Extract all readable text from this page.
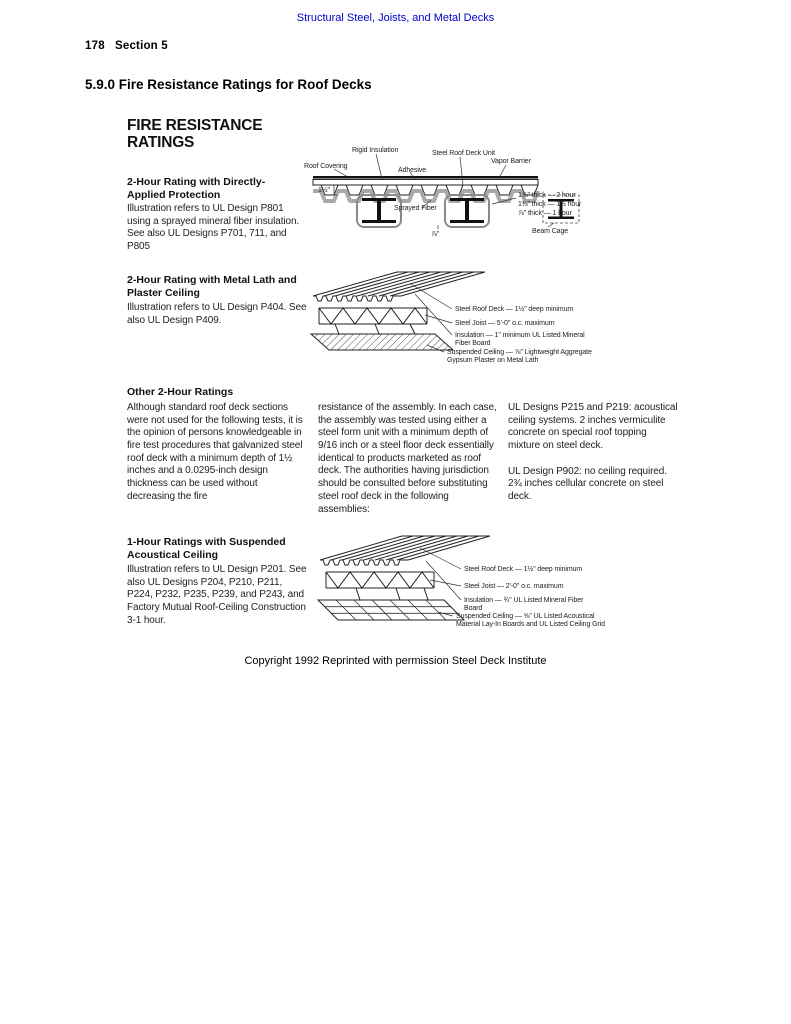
Structural Steel, Joists, and Metal Decks
178   Section 5
5.9.0 Fire Resistance Ratings for Roof Decks
FIRE RESISTANCE
RATINGS
2-Hour Rating with Directly-Applied Protection
Illustration refers to UL Design P801 using a sprayed mineral fiber insulation. See also UL Designs P701, 711, and P805
Roof Covering
Rigid Insulation
Adhesive
Steel Roof Deck Unit
Vapor Barrier
Sprayed Fiber
1½"
⅞"
1⅞" thick — 2 hour
1⅜" thick — 1½ hour
⅞" thick — 1 hour
Beam Cage
2-Hour Rating with Metal Lath and Plaster Ceiling
Illustration refers to UL Design P404. See also UL Design P409.
Steel Roof Deck — 1½" deep minimum
Steel Joist — 5'-0" o.c. maximum
Insulation — 1" minimum UL Listed Mineral Fiber Board
Suspended Ceiling — ⅞" Lightweight Aggregate Gypsum Plaster on Metal Lath
Other 2-Hour Ratings
Although standard roof deck sections were not used for the following tests, it is the opinion of persons knowledgeable in fire test procedures that galvanized steel roof deck with a minimum depth of 1½ inches and a 0.0295-inch design thickness can be used without decreasing the fire
resistance of the assembly. In each case, the assembly was tested using either a steel form unit with a minimum depth of 9/16 inch or a steel floor deck essentially identical to products marketed as roof deck. The authorities having jurisdiction should be consulted before substituting steel roof deck in the following assemblies:
UL Designs P215 and P219: acoustical ceiling systems. 2 inches vermiculite concrete on special roof topping mixture on steel deck.
UL Design P902: no ceiling required. 2¾ inches cellular concrete on steel deck.
1-Hour Ratings with Suspended Acoustical Ceiling
Illustration refers to UL Design P201. See also UL Designs P204, P210, P211, P224, P232, P235, P239, and P243, and Factory Mutual Roof-Ceiling Construction 3-1 hour.
Steel Roof Deck — 1½" deep minimum
Steel Joist — 2'-0" o.c. maximum
Insulation — ¾" UL Listed Mineral Fiber Board
Suspended Ceiling — ⅝" UL Listed Acoustical Material Lay-In Boards and UL Listed Ceiling Grid
Copyright 1992 Reprinted with permission Steel Deck Institute
